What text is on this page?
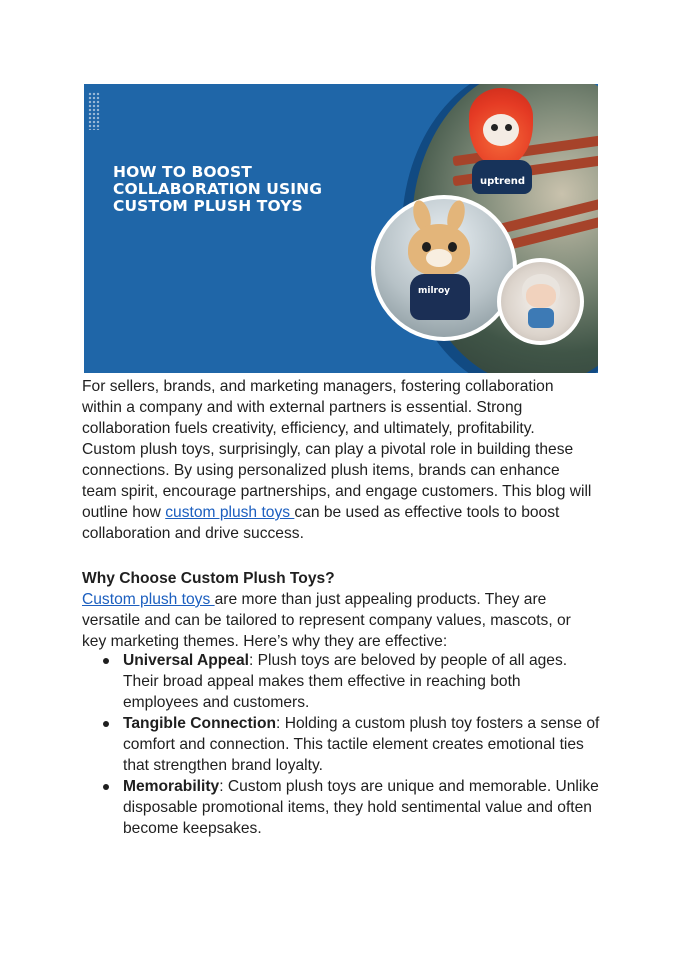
HOW TO BOOST
COLLABORATION USING
CUSTOM PLUSH TOYS
uptrend
milroy

For sellers, brands, and marketing managers, fostering collaboration within a company and with external partners is essential. Strong collaboration fuels creativity, efficiency, and ultimately, profitability. Custom plush toys, surprisingly, can play a pivotal role in building these connections. By using personalized plush items, brands can enhance team spirit, encourage partnerships, and engage customers. This blog will outline how custom plush toys can be used as effective tools to boost collaboration and drive success.

Why Choose Custom Plush Toys?

Custom plush toys are more than just appealing products. They are versatile and can be tailored to represent company values, mascots, or key marketing themes. Here’s why they are effective:

Universal Appeal: Plush toys are beloved by people of all ages. Their broad appeal makes them effective in reaching both employees and customers.
Tangible Connection: Holding a custom plush toy fosters a sense of comfort and connection. This tactile element creates emotional ties that strengthen brand loyalty.
Memorability: Custom plush toys are unique and memorable. Unlike disposable promotional items, they hold sentimental value and often become keepsakes.
